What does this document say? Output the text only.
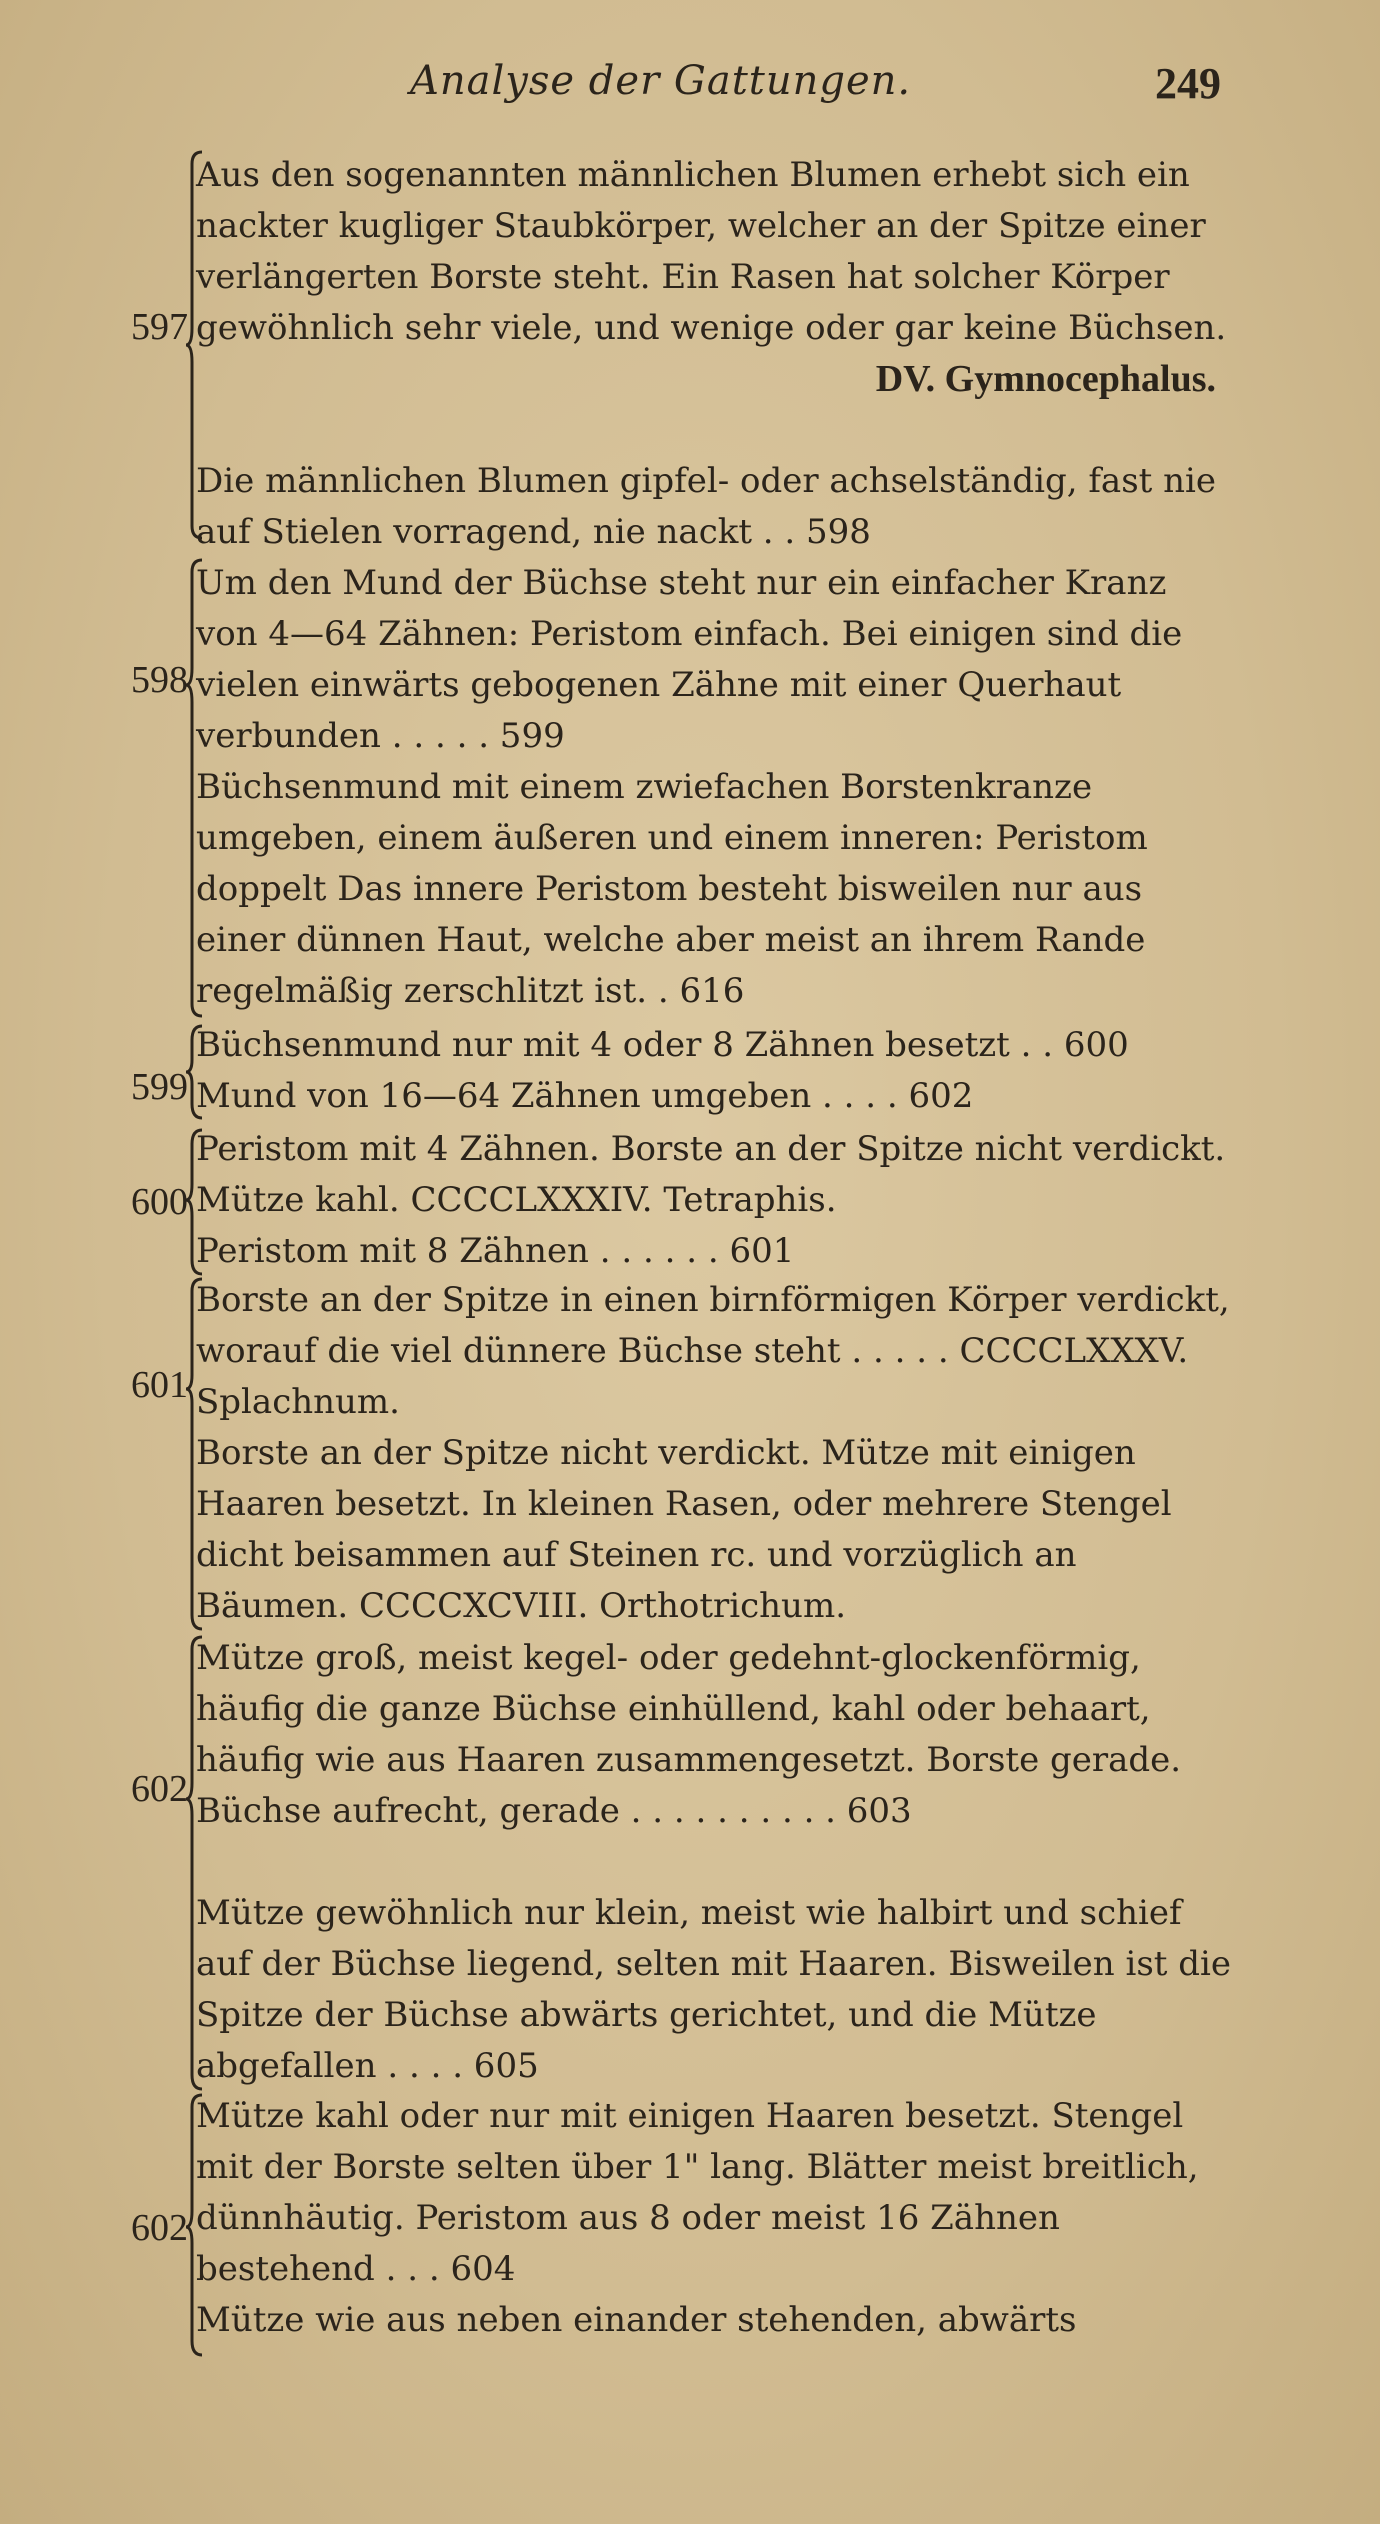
Analyse der Gattungen.	249
597

Aus den sogenannten männlichen Blumen erhebt sich ein nackter kugliger Staubkörper, welcher an der Spitze einer verlängerten Borste steht. Ein Rasen hat solcher Körper gewöhnlich sehr viele, und wenige oder gar keine Büchsen.
DV. Gymnocephalus.

Die männlichen Blumen gipfel- oder achselständig, fast nie auf Stielen vorragend, nie nackt . . 598

598

Um den Mund der Büchse steht nur ein einfacher Kranz von 4—64 Zähnen: Peristom einfach. Bei einigen sind die vielen einwärts gebogenen Zähne mit einer Querhaut verbunden . . . . . 599

Büchsenmund mit einem zwiefachen Borstenkranze umgeben, einem äußeren und einem inneren: Peristom doppelt Das innere Peristom besteht bisweilen nur aus einer dünnen Haut, welche aber meist an ihrem Rande regelmäßig zerschlitzt ist. . 616

599

Büchsenmund nur mit 4 oder 8 Zähnen besetzt . . 600

Mund von 16—64 Zähnen umgeben . . . . 602

600

Peristom mit 4 Zähnen. Borste an der Spitze nicht verdickt. Mütze kahl. CCCCLXXXIV. Tetraphis.

Peristom mit 8 Zähnen . . . . . . 601

601

Borste an der Spitze in einen birnförmigen Körper verdickt, worauf die viel dünnere Büchse steht . . . . . CCCCLXXXV. Splachnum.

Borste an der Spitze nicht verdickt. Mütze mit einigen Haaren besetzt. In kleinen Rasen, oder mehrere Stengel dicht beisammen auf Steinen rc. und vorzüglich an Bäumen. CCCCXCVIII. Orthotrichum.

602

Mütze groß, meist kegel- oder gedehnt-glockenförmig, häufig die ganze Büchse einhüllend, kahl oder behaart, häufig wie aus Haaren zusammengesetzt. Borste gerade. Büchse aufrecht, gerade . . . . . . . . . . 603

Mütze gewöhnlich nur klein, meist wie halbirt und schief auf der Büchse liegend, selten mit Haaren. Bisweilen ist die Spitze der Büchse abwärts gerichtet, und die Mütze abgefallen . . . . 605

602

Mütze kahl oder nur mit einigen Haaren besetzt. Stengel mit der Borste selten über 1" lang. Blätter meist breitlich, dünnhäutig. Peristom aus 8 oder meist 16 Zähnen bestehend . . . 604

Mütze wie aus neben einander stehenden, abwärts
